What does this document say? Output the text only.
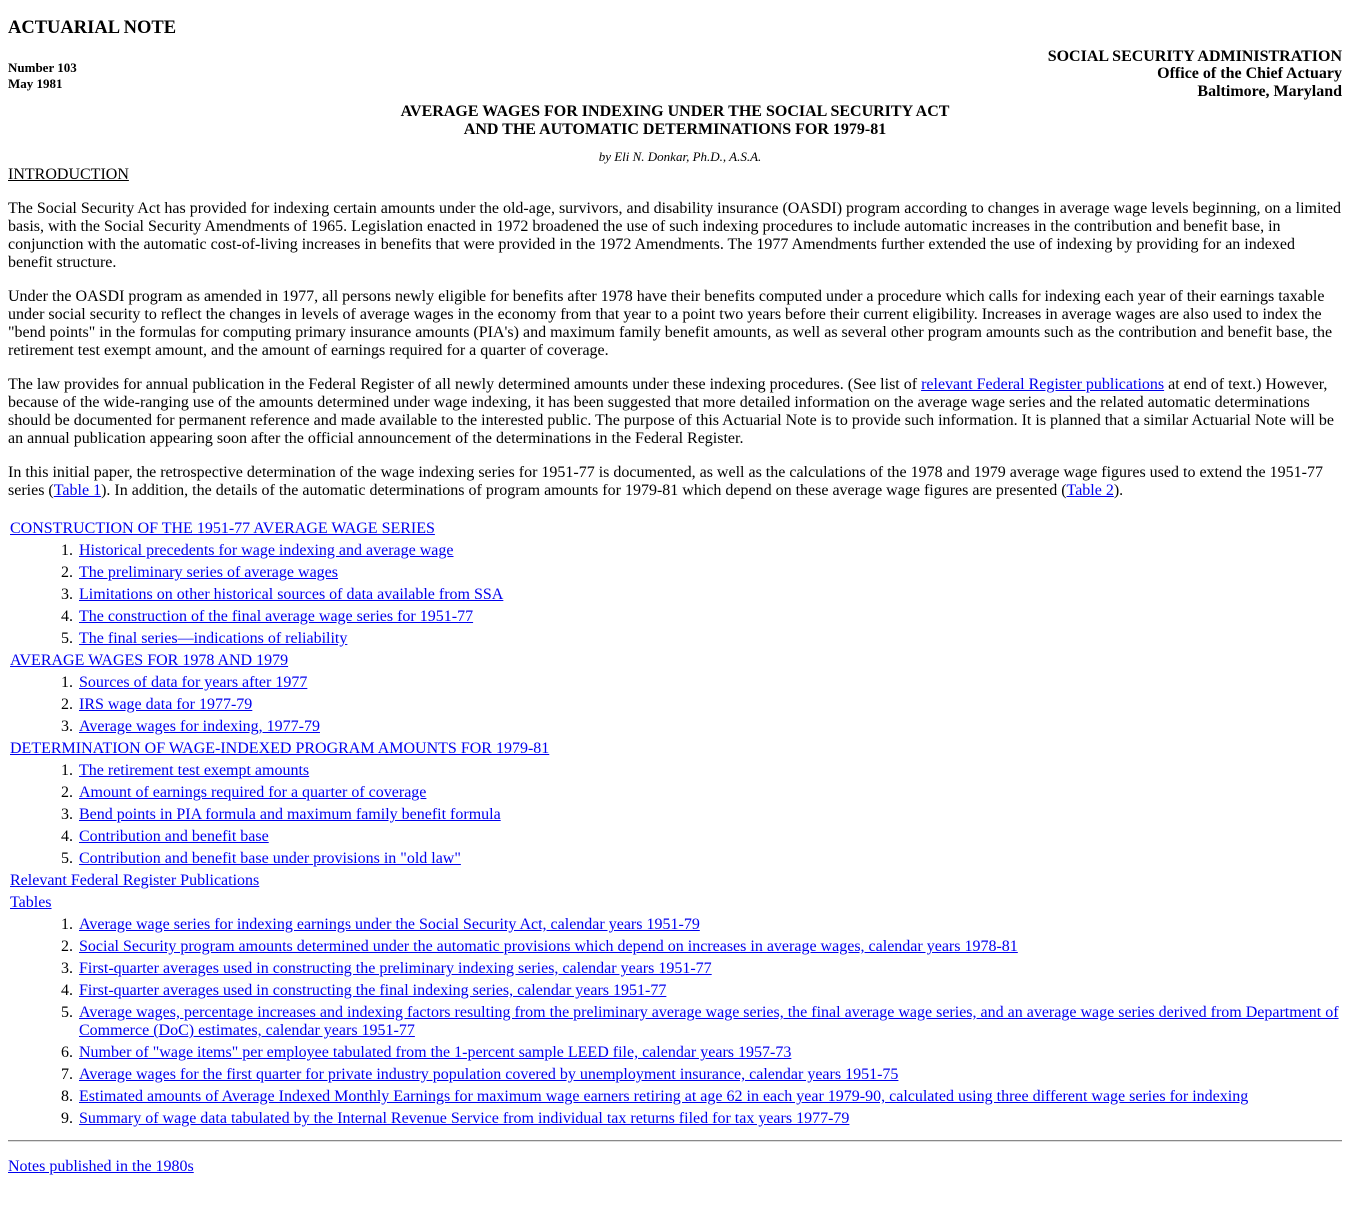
ACTUARIAL NOTE
SOCIAL SECURITY ADMINISTRATION
Office of the Chief Actuary
Baltimore, Maryland
Number 103
May 1981
AVERAGE WAGES FOR INDEXING UNDER THE SOCIAL SECURITY ACT
AND THE AUTOMATIC DETERMINATIONS FOR 1979-81
by Eli N. Donkar, Ph.D., A.S.A.
INTRODUCTION

The Social Security Act has provided for indexing certain amounts under the old-age, survivors, and disability insurance (OASDI) program according to changes in average wage levels beginning, on a limited basis, with the Social Security Amendments of 1965. Legislation enacted in 1972 broadened the use of such indexing procedures to include automatic increases in the contribution and benefit base, in conjunction with the automatic cost-of-living increases in benefits that were provided in the 1972 Amendments. The 1977 Amendments further extended the use of indexing by providing for an indexed benefit structure.

Under the OASDI program as amended in 1977, all persons newly eligible for benefits after 1978 have their benefits computed under a procedure which calls for indexing each year of their earnings taxable under social security to reflect the changes in levels of average wages in the economy from that year to a point two years before their current eligibility. Increases in average wages are also used to index the "bend points" in the formulas for computing primary insurance amounts (PIA's) and maximum family benefit amounts, as well as several other program amounts such as the contribution and benefit base, the retirement test exempt amount, and the amount of earnings required for a quarter of coverage.

The law provides for annual publication in the Federal Register of all newly determined amounts under these indexing procedures. (See list of relevant Federal Register publications at end of text.) However, because of the wide-ranging use of the amounts determined under wage indexing, it has been suggested that more detailed information on the average wage series and the related automatic determinations should be documented for permanent reference and made available to the interested public. The purpose of this Actuarial Note is to provide such information. It is planned that a similar Actuarial Note will be an annual publication appearing soon after the official announcement of the determinations in the Federal Register.

In this initial paper, the retrospective determination of the wage indexing series for 1951-77 is documented, as well as the calculations of the 1978 and 1979 average wage figures used to extend the 1951-77 series (Table 1). In addition, the details of the automatic determinations of program amounts for 1979-81 which depend on these average wage figures are presented (Table 2).

CONSTRUCTION OF THE 1951-77 AVERAGE WAGE SERIES
1. Historical precedents for wage indexing and average wage
2. The preliminary series of average wages
3. Limitations on other historical sources of data available from SSA
4. The construction of the final average wage series for 1951-77
5. The final series—indications of reliability
AVERAGE WAGES FOR 1978 AND 1979
1. Sources of data for years after 1977
2. IRS wage data for 1977-79
3. Average wages for indexing, 1977-79
DETERMINATION OF WAGE-INDEXED PROGRAM AMOUNTS FOR 1979-81
1. The retirement test exempt amounts
2. Amount of earnings required for a quarter of coverage
3. Bend points in PIA formula and maximum family benefit formula
4. Contribution and benefit base
5. Contribution and benefit base under provisions in "old law"
Relevant Federal Register Publications
Tables
1. Average wage series for indexing earnings under the Social Security Act, calendar years 1951-79
2. Social Security program amounts determined under the automatic provisions which depend on increases in average wages, calendar years 1978-81
3. First-quarter averages used in constructing the preliminary indexing series, calendar years 1951-77
4. First-quarter averages used in constructing the final indexing series, calendar years 1951-77
5. Average wages, percentage increases and indexing factors resulting from the preliminary average wage series, the final average wage series, and an average wage series derived from Department of Commerce (DoC) estimates, calendar years 1951-77
6. Number of "wage items" per employee tabulated from the 1-percent sample LEED file, calendar years 1957-73
7. Average wages for the first quarter for private industry population covered by unemployment insurance, calendar years 1951-75
8. Estimated amounts of Average Indexed Monthly Earnings for maximum wage earners retiring at age 62 in each year 1979-90, calculated using three different wage series for indexing
9. Summary of wage data tabulated by the Internal Revenue Service from individual tax returns filed for tax years 1977-79
Notes published in the 1980s
